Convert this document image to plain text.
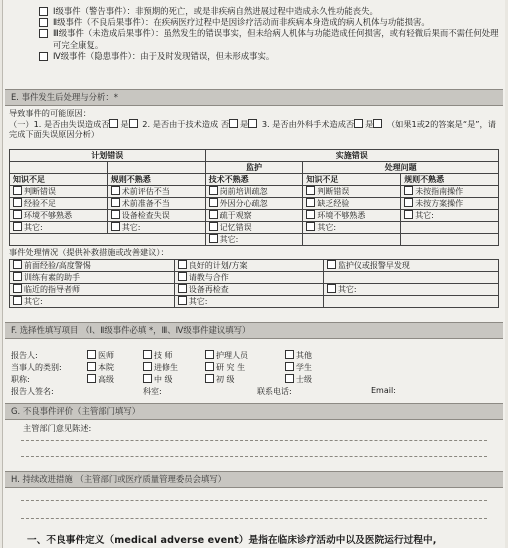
Ⅰ级事件（警告事件）：非预期的死亡，或是非疾病自然进展过程中造成永久性功能丧失。
Ⅱ级事件（不良后果事件）：在疾病医疗过程中是因诊疗活动而非疾病本身造成的病人机体与功能损害。
Ⅲ级事件（未造成后果事件）：虽然发生的错误事实，但未给病人机体与功能造成任何损害，或有轻微后果而不需任何处理可完全康复。
Ⅳ级事件（隐患事件）：由于及时发现错误，但未形成事实。
E. 事件发生后处理与分析：*
导致事件的可能原因：
（一）1. 是否由失误造成否 是 2. 是否由于技术造成 否 是 3. 是否由外科手术造成否 是 （如果1或2的答案是“是”，请完成下面失误原因分析）
计划错误		实施错误		
		监护	处理问题	
知识不足	规则不熟悉	技术不熟悉	知识不足	规则不熟悉
判断错误	术前评估不当	岗前培训疏忽	判断错误	未按指南操作
经验不足	术前准备不当	外因分心疏忽	缺乏经验	未按方案操作
环境不够熟悉	设备检查失误	疏于观察	环境不够熟悉	其它:
其它:	其它:	记忆错误	其它:	
		其它:		
事件处理情况（提供补救措施或改善建议）：
前面经验/高度警惕	良好的计划/方案	监护仪或报警早发现
训练有素的助手	请教与合作	
临近的指导者师	设备再检查	其它:
其它:	其它:	
F. 选择性填写项目 （Ⅰ、Ⅱ级事件必填 *，Ⅲ、Ⅳ级事件建议填写）
报告人:	医师	技 师	护理人员	其他
当事人的类别:	本院	进修生	研 究 生	学生
职称:	高级	中 级	初 级	士级
报告人签名:	科室:	联系电话:	Email:
G. 不良事件评价（主管部门填写）
主管部门意见陈述:
H. 持续改进措施 （主管部门或医疗质量管理委员会填写）
一、不良事件定义（medical adverse event）是指在临床诊疗活动中以及医院运行过程中,
